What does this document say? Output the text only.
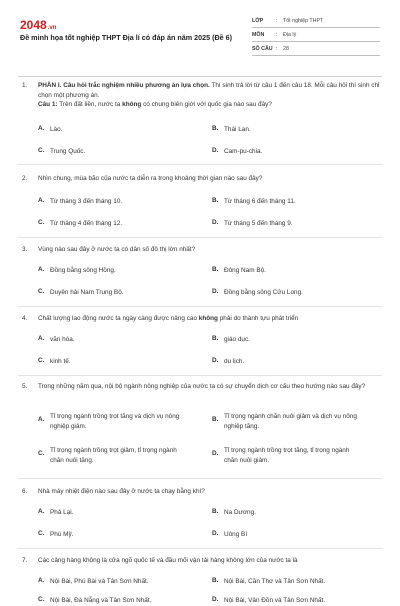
2048.vn
Đề minh họa tốt nghiệp THPT Địa lí có đáp án năm 2025 (Đề 6)
LỚP : Tốt nghiệp THPT
MÔN : Địa lý
SỐ CÂU : 28
1. PHẦN I. Câu hỏi trắc nghiệm nhiều phương án lựa chọn. Thí sinh trả lời từ câu 1 đến câu 18. Mỗi câu hỏi thí sinh chỉ chọn một phương án.
Câu 1: Trên đất liền, nước ta không có chung biên giới với quốc gia nào sau đây?
A. Lào.	B. Thái Lan.
C. Trung Quốc.	D. Cam-pu-chia.
2. Nhìn chung, mùa bão của nước ta diễn ra trong khoảng thời gian nào sau đây?
A. Từ tháng 3 đến tháng 10.	B. Từ tháng 6 đến tháng 11.
C. Từ tháng 4 đến tháng 12.	D. Từ tháng 5 đến tháng 9.
3. Vùng nào sau đây ở nước ta có dân số đô thị lớn nhất?
A. Đồng bằng sông Hồng.	B. Đông Nam Bộ.
C. Duyên hải Nam Trung Bộ.	D. Đồng bằng sông Cửu Long.
4. Chất lượng lao động nước ta ngày càng được nâng cao không phải do thành tựu phát triển
A. văn hóa.	B. giáo dục.
C. kinh tế.	D. du lịch.
5. Trong những năm qua, nội bộ ngành nông nghiệp của nước ta có sự chuyển dịch cơ cấu theo hướng nào sau đây?
A. Tỉ trọng ngành trồng trọt tăng và dịch vụ nông nghiệp giảm.
B. Tỉ trọng ngành chăn nuôi giảm và dịch vụ nông nghiệp tăng.
C. Tỉ trọng ngành trồng trọt giảm, tỉ trọng ngành chăn nuôi tăng.
D. Tỉ trọng ngành trồng trọt tăng, tỉ trọng ngành chăn nuôi giảm.
6. Nhà máy nhiệt điện nào sau đây ở nước ta chạy bằng khí?
A. Phả Lại.	B. Na Dương.
C. Phú Mỹ.	D. Uông Bí
7. Các cảng hàng không là cửa ngõ quốc tế và đầu mối vận tải hàng không lớn của nước ta là
A. Nội Bài, Phú Bài và Tân Sơn Nhất.	B. Nội Bài, Cần Thơ và Tân Sơn Nhất.
C. Nội Bài, Đà Nẵng và Tân Sơn Nhất.	D. Nội Bài, Vân Đồn và Tân Sơn Nhất.
